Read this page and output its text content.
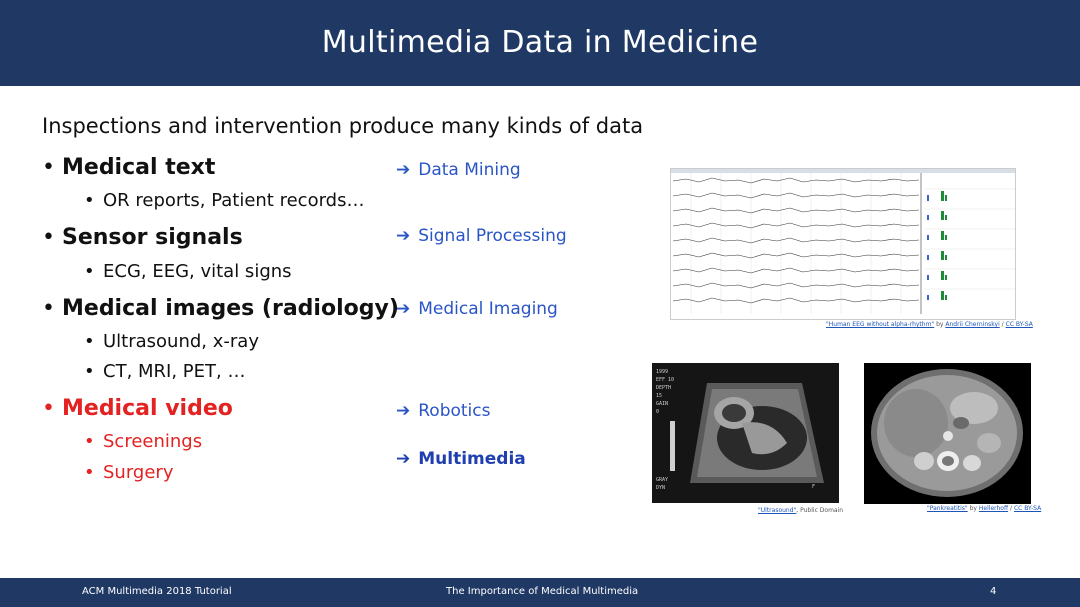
Multimedia Data in Medicine
Inspections and intervention produce many kinds of data
• Medical text
• OR reports, Patient records…
• Sensor signals
• ECG, EEG, vital signs
• Medical images (radiology)
• Ultrasound, x-ray
• CT, MRI, PET, …
• Medical video
• Screenings
• Surgery
➔ Data Mining
➔ Signal Processing
➔ Medical Imaging
➔ Robotics
➔ Multimedia
"Human EEG without alpha-rhythm" by Andrii Cherninskyi / CC BY-SA
1999
EFF 10
DEPTH
15
GAIN
0
GRAY
DYN	F
"Ultrasound", Public Domain	"Pankreatitis" by Hellerhoff / CC BY-SA
ACM Multimedia 2018 Tutorial	The Importance of Medical Multimedia	4
